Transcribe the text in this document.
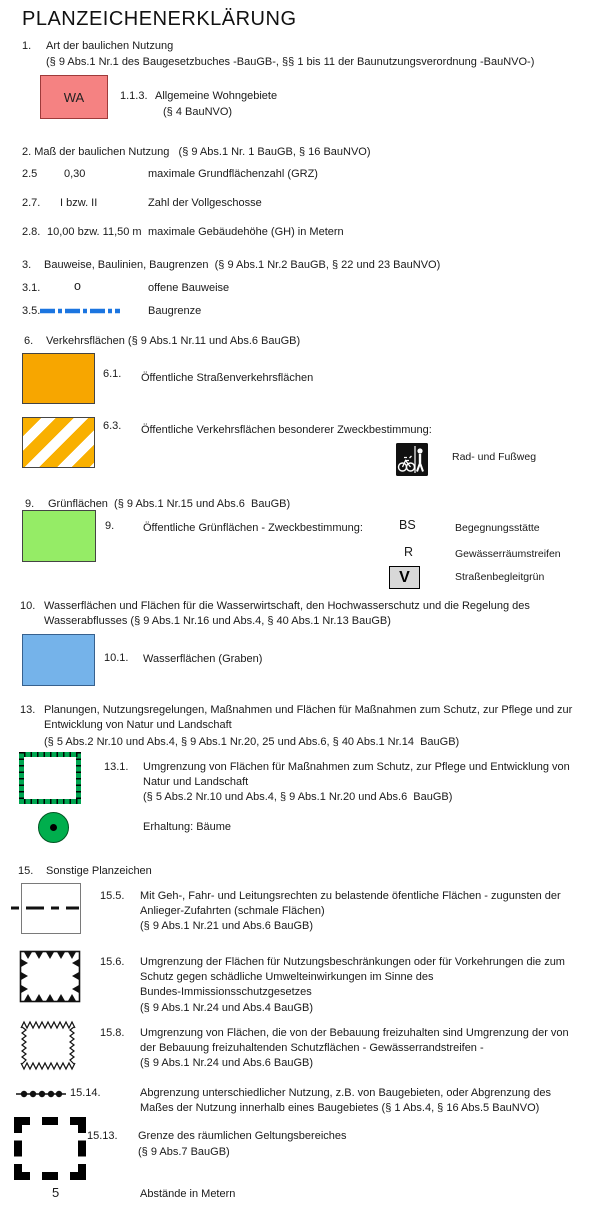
PLANZEICHENERKLÄRUNG
1. Art der baulichen Nutzung
(§ 9 Abs.1 Nr.1 des Baugesetzbuches -BauGB-, §§ 1 bis 11 der Baunutzungsverordnung -BauNVO-)
WA	1.1.3. Allgemeine Wohngebiete
(§ 4 BauNVO)
2. Maß der baulichen Nutzung   (§ 9 Abs.1 Nr. 1 BauGB, § 16 BauNVO)
2.5 0,30	maximale Grundflächenzahl (GRZ)
2.7. I bzw. II	Zahl der Vollgeschosse
2.8. 10,00 bzw. 11,50 m maximale Gebäudehöhe (GH) in Metern
3. Bauweise, Baulinien, Baugrenzen  (§ 9 Abs.1 Nr.2 BauGB, § 22 und 23 BauNVO)
3.1.	o	offene Bauweise
3.5.	Baugrenze
6. Verkehrsflächen (§ 9 Abs.1 Nr.11 und Abs.6 BauGB)
6.1. Öffentliche Straßenverkehrsflächen
6.3. Öffentliche Verkehrsflächen besonderer Zweckbestimmung:
Rad- und Fußweg
9. Grünflächen  (§ 9 Abs.1 Nr.15 und Abs.6  BauGB)
9.	Öffentliche Grünflächen - Zweckbestimmung:	BS	Begegnungsstätte
R	Gewässerräumstreifen
V	Straßenbegleitgrün
10. Wasserflächen und Flächen für die Wasserwirtschaft, den Hochwasserschutz und die Regelung des
Wasserabflusses (§ 9 Abs.1 Nr.16 und Abs.4, § 40 Abs.1 Nr.13 BauGB)
10.1. Wasserflächen (Graben)
13. Planungen, Nutzungsregelungen, Maßnahmen und Flächen für Maßnahmen zum Schutz, zur Pflege und zur
Entwicklung von Natur und Landschaft
(§ 5 Abs.2 Nr.10 und Abs.4, § 9 Abs.1 Nr.20, 25 und Abs.6, § 40 Abs.1 Nr.14  BauGB)
13.1. Umgrenzung von Flächen für Maßnahmen zum Schutz, zur Pflege und Entwicklung von
Natur und Landschaft
(§ 5 Abs.2 Nr.10 und Abs.4, § 9 Abs.1 Nr.20 und Abs.6  BauGB)
Erhaltung: Bäume
15. Sonstige Planzeichen
15.5. Mit Geh-, Fahr- und Leitungsrechten zu belastende öfentliche Flächen - zugunsten der
Anlieger-Zufahrten (schmale Flächen)
(§ 9 Abs.1 Nr.21 und Abs.6 BauGB)
15.6. Umgrenzung der Flächen für Nutzungsbeschränkungen oder für Vorkehrungen die zum
Schutz gegen schädliche Umwelteinwirkungen im Sinne des
Bundes-Immissionsschutzgesetzes
(§ 9 Abs.1 Nr.24 und Abs.4 BauGB)
15.8. Umgrenzung von Flächen, die von der Bebauung freizuhalten sind Umgrenzung der von
der Bebauung freizuhaltenden Schutzflächen - Gewässerrandstreifen -
(§ 9 Abs.1 Nr.24 und Abs.6 BauGB)
15.14.	Abgrenzung unterschiedlicher Nutzung, z.B. von Baugebieten, oder Abgrenzung des
Maßes der Nutzung innerhalb eines Baugebietes (§ 1 Abs.4, § 16 Abs.5 BauNVO)
15.13. Grenze des räumlichen Geltungsbereiches
(§ 9 Abs.7 BauGB)
5	Abstände in Metern
